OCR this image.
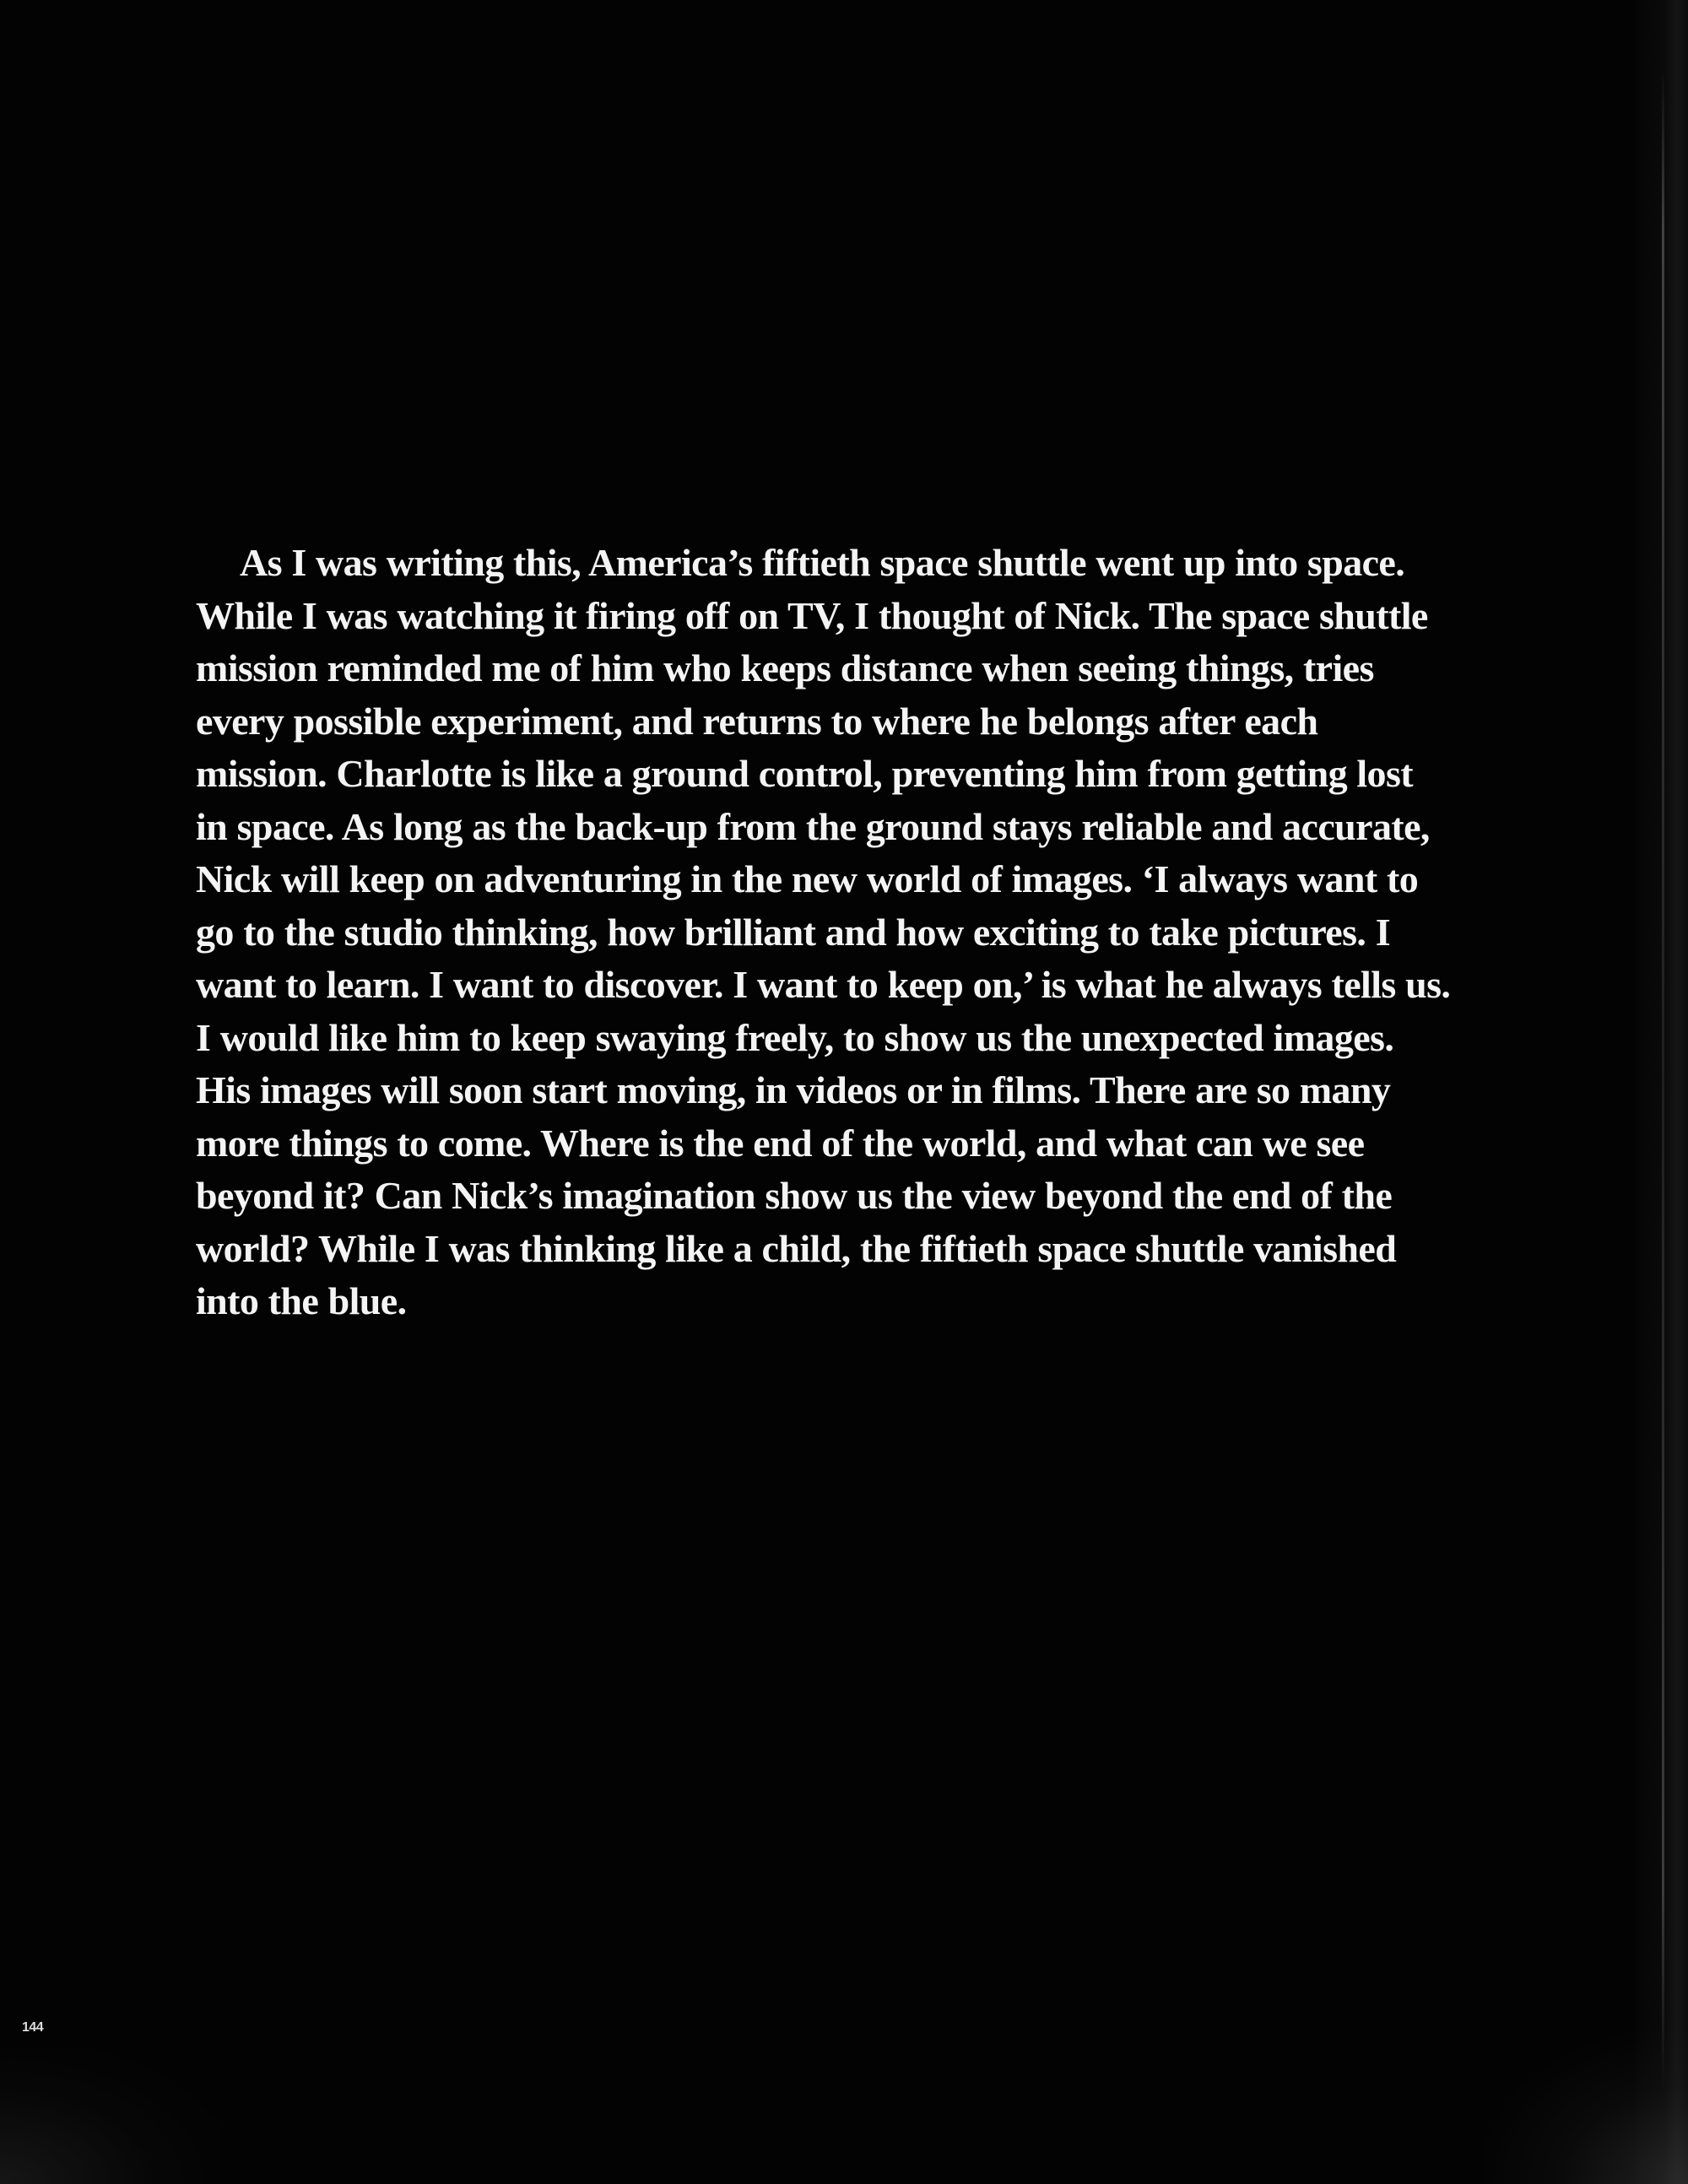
As I was writing this, America’s fiftieth space shuttle went up into space. While I was watching it firing off on TV, I thought of Nick. The space shuttle mission reminded me of him who keeps distance when seeing things, tries every possible experiment, and returns to where he belongs after each mission. Charlotte is like a ground control, preventing him from getting lost in space. As long as the back-up from the ground stays reliable and accurate, Nick will keep on adventuring in the new world of images. ‘I always want to go to the studio thinking, how brilliant and how exciting to take pictures. I want to learn. I want to discover. I want to keep on,’ is what he always tells us. I would like him to keep swaying freely, to show us the unexpected images. His images will soon start moving, in videos or in films. There are so many more things to come. Where is the end of the world, and what can we see beyond it? Can Nick’s imagination show us the view beyond the end of the world? While I was thinking like a child, the fiftieth space shuttle vanished into the blue.

144
